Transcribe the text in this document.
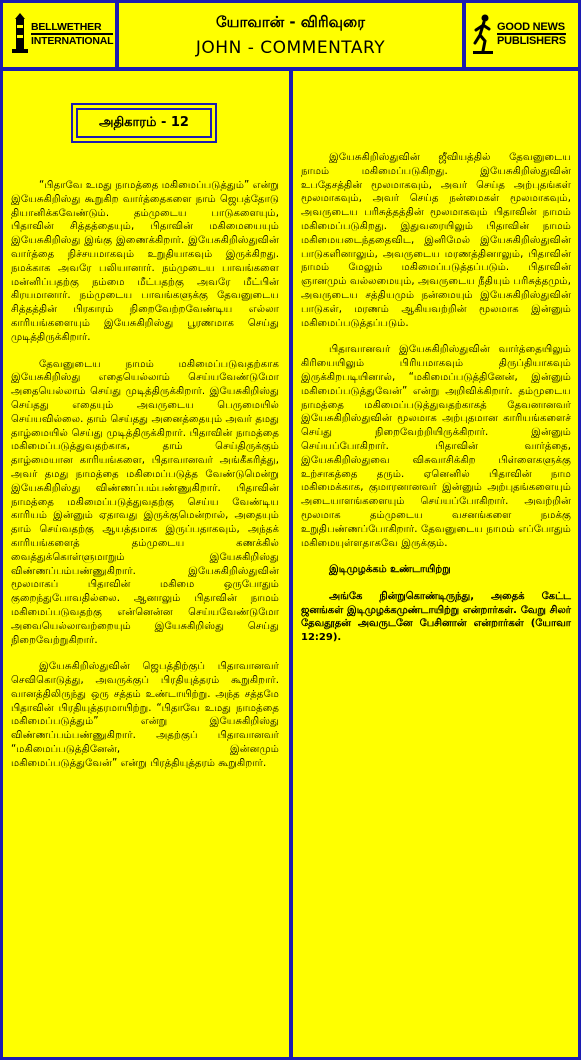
BELLWETHER
INTERNATIONAL
யோவான் - விரிவுரை
JOHN - COMMENTARY
GOOD NEWS
PUBLISHERS
அதிகாரம் - 12

“பிதாவே உமது நாமத்தை மகிமைப்படுத்தும்” என்று இயேசுகிறிஸ்து கூறுகிற வார்த்தைகளை நாம் ஜெபத்தோடு தியானிக்கவேண்டும். தம்முடைய பாடுகளையும், பிதாவின் சித்தத்தையும், பிதாவின் மகிமையையும் இயேசுகிறிஸ்து இங்கு இணைக்கிறார். இயேசுகிறிஸ்துவின் வார்த்தை நிச்சயமாகவும் உறுதியாகவும் இருக்கிறது. நமக்காக அவரே பலியானார். நம்முடைய பாவங்களை மன்னிப்பதற்கு நம்மை மீட்பதற்கு அவரே மீட்பின் கிரயமானார். நம்முடைய பாவங்களுக்கு தேவனுடைய சித்தத்தின் பிரகாரம் நிறைவேற்றவேண்டிய எல்லா காரியங்களையும் இயேசுகிறிஸ்து பூரணமாக செய்து முடித்திருக்கிறார்.

தேவனுடைய நாமம் மகிமைப்படுவதற்காக இயேசுகிறிஸ்து எதையெல்லாம் செய்யவேண்டுமோ அதையெல்லாம் செய்து முடித்திருக்கிறார். இயேசுகிறிஸ்து செய்தது எதையும் அவருடைய பெருமையில் செய்யவில்லை. தாம் செய்தது அனைத்தையும் அவர் தமது தாழ்மையில் செய்து முடித்திருக்கிறார். பிதாவின் நாமத்தை மகிமைப்படுத்துவதற்காக, தாம் செய்திருக்கும் தாழ்மையான காரியங்களை, பிதாவானவர் அங்கீகரித்து, அவர் தமது நாமத்தை மகிமைப்படுத்த வேண்டுமென்று இயேசுகிறிஸ்து விண்ணப்பம்பண்ணுகிறார். பிதாவின் நாமத்தை மகிமைப்படுத்துவதற்கு செய்ய வேண்டிய காரியம் இன்னும் ஏதாவது இருக்குமென்றால், அதையும் தாம் செய்வதற்கு ஆயத்தமாக இருப்பதாகவும், அந்தக் காரியங்களைத் தம்முடைய கணக்கில் வைத்துக்கொள்ளுமாறும் இயேசுகிறிஸ்து விண்ணப்பம்பண்ணுகிறார். இயேசுகிறிஸ்துவின் மூலமாகப் பிதாவின் மகிமை ஒருபோதும் குறைந்துபோவதில்லை. ஆனாலும் பிதாவின் நாமம் மகிமைப்படுவதற்கு என்னென்ன செய்யவேண்டுமோ அவையெல்லாவற்றையும் இயேசுகிறிஸ்து செய்து நிறைவேற்றுகிறார்.

இயேசுகிறிஸ்துவின் ஜெபத்திற்குப் பிதாவானவர் செவிகொடுத்து, அவருக்குப் பிரதியுத்தரம் கூறுகிறார். வானத்திலிருந்து ஒரு சத்தம் உண்டாயிற்று. அந்த சத்தமே பிதாவின் பிரதியுத்தரமாயிற்று. “பிதாவே உமது நாமத்தை மகிமைப்படுத்தும்” என்று இயேசுகிறிஸ்து விண்ணப்பம்பண்ணுகிறார். அதற்குப் பிதாவானவர் “மகிமைப்படுத்தினேன், இன்னமும் மகிமைப்படுத்துவேன்” என்று பிரத்தியுத்தரம் கூறுகிறார்.

இயேசுகிறிஸ்துவின் ஜீவியத்தில் தேவனுடைய நாமம் மகிமைப்படுகிறது. இயேசுகிறிஸ்துவின் உபதேசத்தின் மூலமாகவும், அவர் செய்த அற்புதங்கள் மூலமாகவும், அவர் செய்த நன்மைகள் மூலமாகவும், அவருடைய பரிசுத்தத்தின் மூலமாகவும் பிதாவின் நாமம் மகிமைப்படுகிறது. இதுவரையிலும் பிதாவின் நாமம் மகிமையடைந்ததைவிட, இனிமேல் இயேசுகிறிஸ்துவின் பாடுகளினாலும், அவருடைய மரணத்தினாலும், பிதாவின் நாமம் மேலும் மகிமைப்படுத்தப்படும். பிதாவின் ஞானமும் வல்லமையும், அவருடைய நீதியும் பரிசுத்தமும், அவருடைய சத்தியமும் நன்மையும் இயேசுகிறிஸ்துவின் பாடுகள், மரணம் ஆகியவற்றின் மூலமாக இன்னும் மகிமைப்படுத்தப்படும்.

பிதாவானவர் இயேசுகிறிஸ்துவின் வார்த்தையிலும் கிரியையிலும் பிரியமாகவும் திருப்தியாகவும் இருக்கிறபடியினால், “மகிமைப்படுத்தினேன், இன்னும் மகிமைப்படுத்துவேன்” என்று அறிவிக்கிறார். தம்முடைய நாமத்தை மகிமைப்படுத்துவதற்காகத் தேவனானவர் இயேசுகிறிஸ்துவின் மூலமாக அற்புதமான காரியங்களைச் செய்து நிறைவேற்றியிருக்கிறார். இன்னும் செய்யப்போகிறார். பிதாவின் வார்த்தை, இயேசுகிறிஸ்துவை விசுவாசிக்கிற பிள்ளைகளுக்கு உற்சாகத்தை தரும். ஏனெனில் பிதாவின் நாம மகிமைக்காக, குமாரனானவர் இன்னும் அற்புதங்களையும் அடையாளங்களையும் செய்யப்போகிறார். அவற்றின் மூலமாக தம்முடைய வசனங்களை நமக்கு உறுதிபண்ணப்போகிறார். தேவனுடைய நாமம் எப்போதும் மகிமையுள்ளதாகவே இருக்கும்.

இடிமுழக்கம் உண்டாயிற்று

அங்கே நின்றுகொண்டிருந்து, அதைக் கேட்ட ஜனங்கள் இடிமுழக்கமுண்டாயிற்று என்றார்கள். வேறு சிலர் தேவதூதன் அவருடனே பேசினான் என்றார்கள் (யோவா 12:29).
